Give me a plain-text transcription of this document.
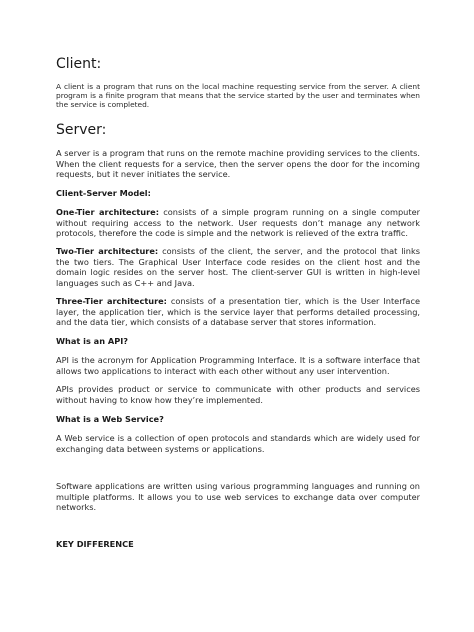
Client:

A client is a program that runs on the local machine requesting service from the server. A client program is a finite program that means that the service started by the user and terminates when the service is completed.

Server:

A server is a program that runs on the remote machine providing services to the clients. When the client requests for a service, then the server opens the door for the incoming requests, but it never initiates the service.

Client-Server Model:

One-Tier architecture: consists of a simple program running on a single computer without requiring access to the network. User requests don’t manage any network protocols, therefore the code is simple and the network is relieved of the extra traffic.

Two-Tier architecture: consists of the client, the server, and the protocol that links the two tiers. The Graphical User Interface code resides on the client host and the domain logic resides on the server host. The client-server GUI is written in high-level languages such as C++ and Java.

Three-Tier architecture: consists of a presentation tier, which is the User Interface layer, the application tier, which is the service layer that performs detailed processing, and the data tier, which consists of a database server that stores information.

What is an API?

API is the acronym for Application Programming Interface. It is a software interface that allows two applications to interact with each other without any user intervention.

APIs provides product or service to communicate with other products and services without having to know how they’re implemented.

What is a Web Service?

A Web service is a collection of open protocols and standards which are widely used for exchanging data between systems or applications.

Software applications are written using various programming languages and running on multiple platforms. It allows you to use web services to exchange data over computer networks.

KEY DIFFERENCE
